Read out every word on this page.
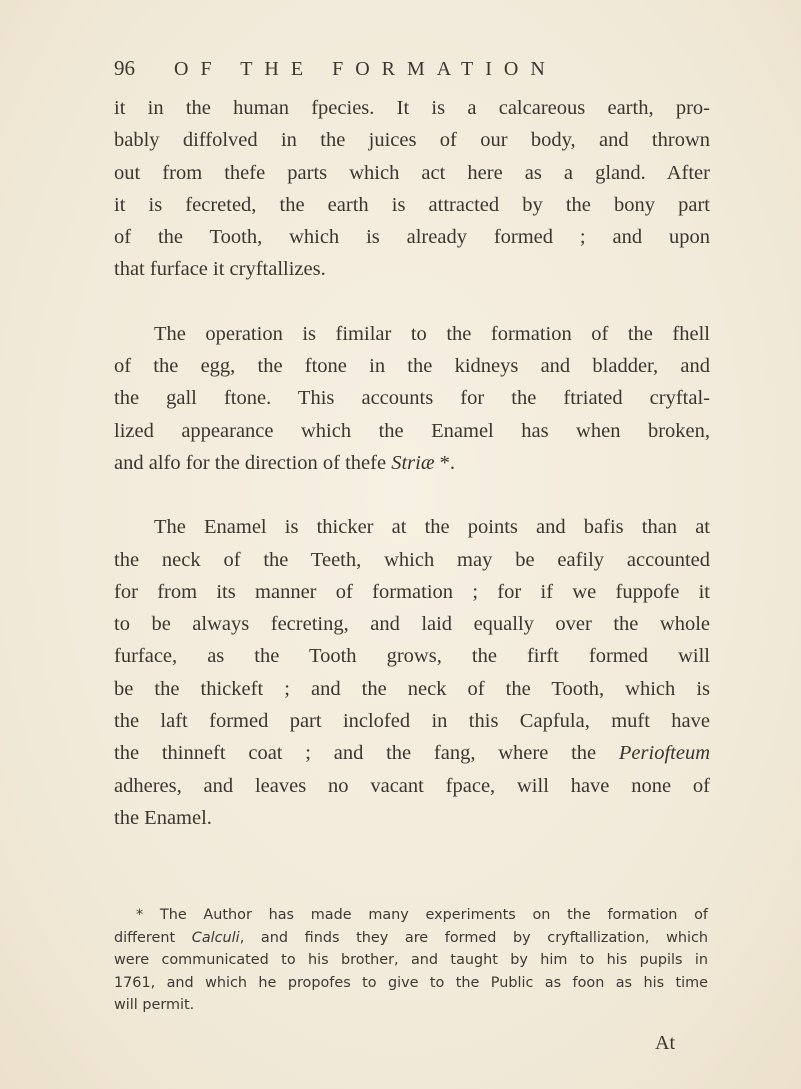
96	OF THE FORMATION
it in the human fpecies. It is a calcareous earth, pro-
bably diffolved in the juices of our body, and thrown
out from thefe parts which act here as a gland. After
it is fecreted, the earth is attracted by the bony part
of the Tooth, which is already formed ; and upon
that furface it cryftallizes.
The operation is fimilar to the formation of the fhell
of the egg, the ftone in the kidneys and bladder, and
the gall ftone. This accounts for the ftriated cryftal-
lized appearance which the Enamel has when broken,
and alfo for the direction of thefe Striæ *.
The Enamel is thicker at the points and bafis than at
the neck of the Teeth, which may be eafily accounted
for from its manner of formation ; for if we fuppofe it
to be always fecreting, and laid equally over the whole
furface, as the Tooth grows, the firft formed will
be the thickeft ; and the neck of the Tooth, which is
the laft formed part inclofed in this Capfula, muft have
the thinneft coat ; and the fang, where the Periofteum
adheres, and leaves no vacant fpace, will have none of
the Enamel.
* The Author has made many experiments on the formation of
different Calculi, and finds they are formed by cryftallization, which
were communicated to his brother, and taught by him to his pupils in
1761, and which he propofes to give to the Public as foon as his time
will permit.
At
